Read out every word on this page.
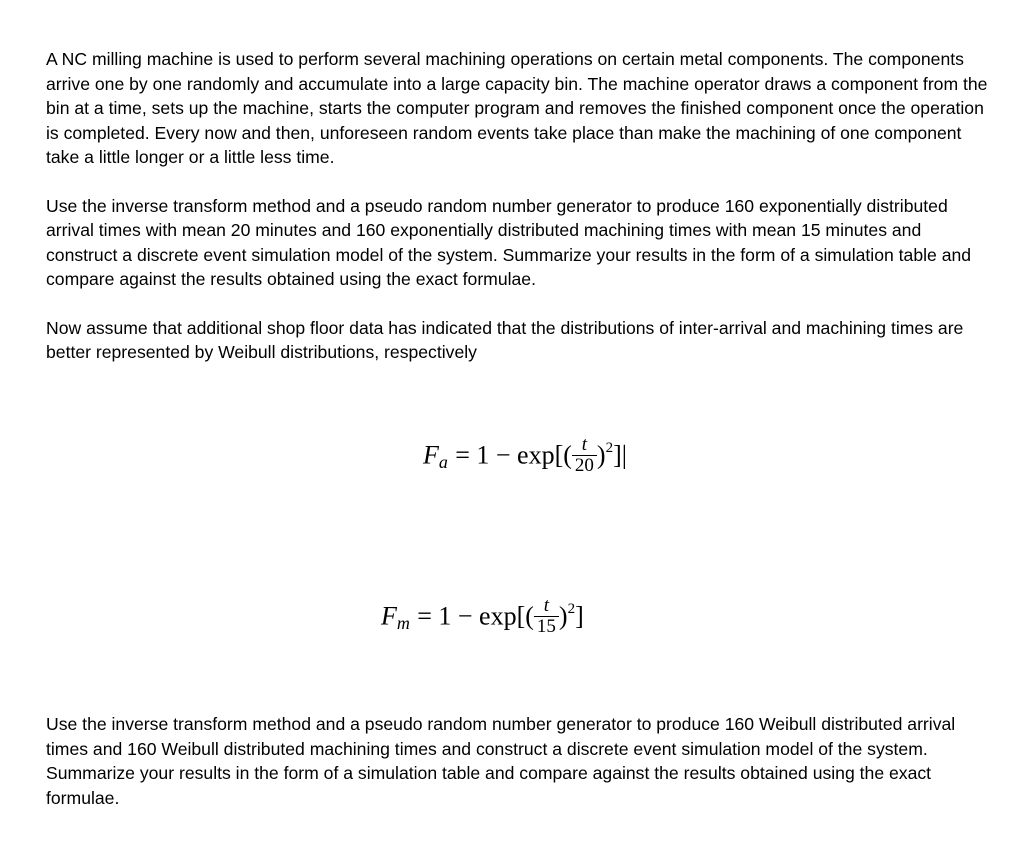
A NC milling machine is used to perform several machining operations on certain metal components. The components arrive one by one randomly and accumulate into a large capacity bin. The machine operator draws a component from the bin at a time, sets up the machine, starts the computer program and removes the finished component once the operation is completed. Every now and then, unforeseen random events take place than make the machining of one component take a little longer or a little less time.

Use the inverse transform method and a pseudo random number generator to produce 160 exponentially distributed arrival times with mean 20 minutes and 160 exponentially distributed machining times with mean 15 minutes and construct a discrete event simulation model of the system. Summarize your results in the form of a simulation table and compare against the results obtained using the exact formulae.

Now assume that additional shop floor data has indicated that the distributions of inter-arrival and machining times are better represented by Weibull distributions, respectively

$Fa = 1 - \exp[( \frac{t}{20} )^2]|$
$Fm = 1 - \exp[( \frac{t}{15} )^2]$

Use the inverse transform method and a pseudo random number generator to produce 160 Weibull distributed arrival times and 160 Weibull distributed machining times and construct a discrete event simulation model of the system. Summarize your results in the form of a simulation table and compare against the results obtained using the exact formulae.
